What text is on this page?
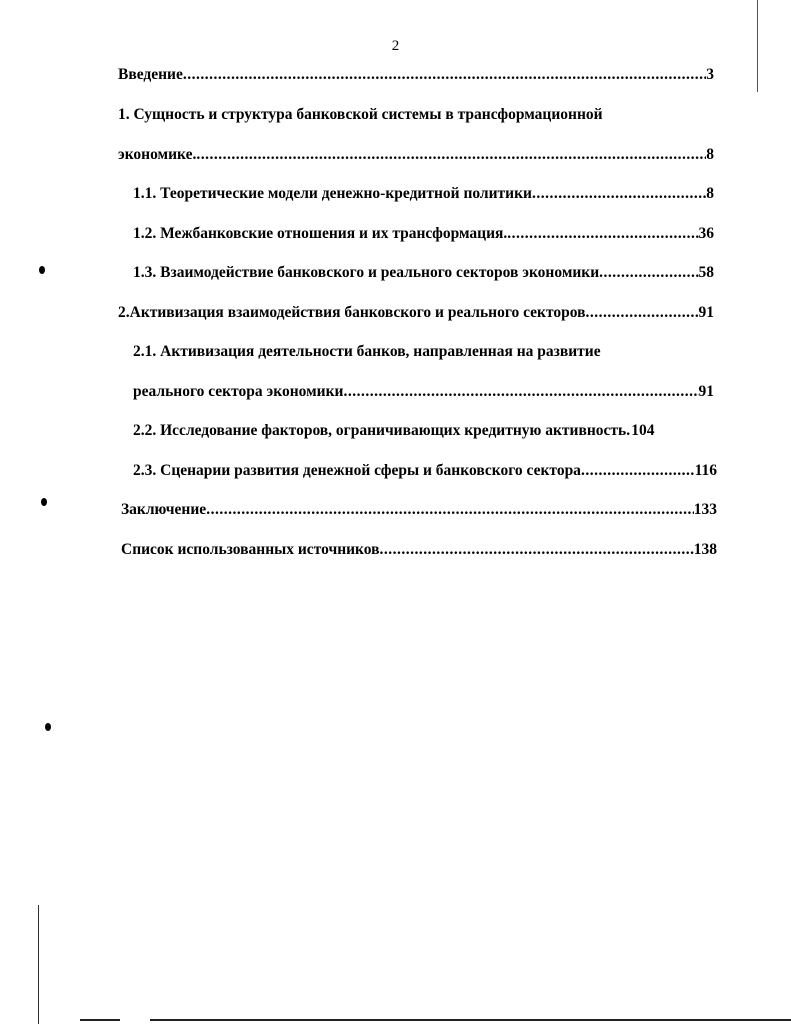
2
Введение .....	3
1. Сущность и структура банковской системы в трансформационной
экономике. .....	8
1.1. Теоретические модели денежно-кредитной политики .....	8
1.2. Межбанковские отношения и их трансформация. .....	36
1.3. Взаимодействие банковского и реального секторов экономики .....	58
2.Активизация взаимодействия банковского и реального секторов .....	91
2.1. Активизация деятельности банков, направленная на развитие
реального сектора экономики .....	91
2.2. Исследование факторов, ограничивающих кредитную активность ..... 104
2.3. Сценарии развития денежной сферы и банковского сектора .....	116
Заключение .....	133
Список использованных источников .....	138
